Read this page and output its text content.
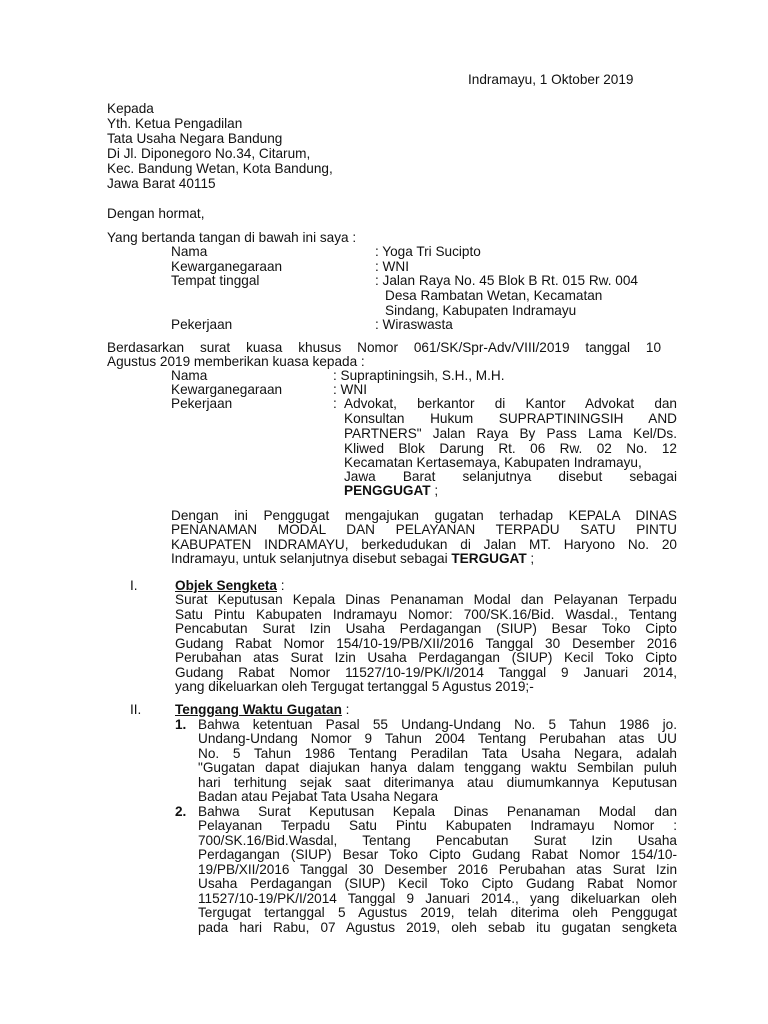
Indramayu, 1 Oktober 2019
Kepada
Yth. Ketua Pengadilan
Tata Usaha Negara Bandung
Di Jl. Diponegoro No.34, Citarum,
Kec. Bandung Wetan, Kota Bandung,
Jawa Barat 40115
Dengan hormat,
Yang bertanda tangan di bawah ini saya :
Nama	: Yoga Tri Sucipto
Kewarganegaraan	: WNI
Tempat tinggal	: Jalan Raya No. 45 Blok B Rt. 015 Rw. 004
Desa Rambatan Wetan, Kecamatan
Sindang, Kabupaten Indramayu
Pekerjaan	: Wiraswasta
Berdasarkan surat kuasa khusus Nomor 061/SK/Spr-Adv/VIII/2019 tanggal 10
Agustus 2019 memberikan kuasa kepada :
Nama	: Supraptiningsih, S.H., M.H.
Kewarganegaraan	: WNI
Pekerjaan	: Advokat, berkantor di Kantor Advokat dan
Konsultan Hukum SUPRAPTININGSIH AND
PARTNERS" Jalan Raya By Pass Lama Kel/Ds.
Kliwed Blok Darung Rt. 06 Rw. 02 No. 12
Kecamatan Kertasemaya, Kabupaten Indramayu,
Jawa Barat selanjutnya disebut sebagai
PENGGUGAT ;
Dengan ini Penggugat mengajukan gugatan terhadap KEPALA DINAS
PENANAMAN MODAL DAN PELAYANAN TERPADU SATU PINTU
KABUPATEN INDRAMAYU, berkedudukan di Jalan MT. Haryono No. 20
Indramayu, untuk selanjutnya disebut sebagai TERGUGAT ;
I.	Objek Sengketa :
Surat Keputusan Kepala Dinas Penanaman Modal dan Pelayanan Terpadu
Satu Pintu Kabupaten Indramayu Nomor: 700/SK.16/Bid. Wasdal., Tentang
Pencabutan Surat Izin Usaha Perdagangan (SIUP) Besar Toko Cipto
Gudang Rabat Nomor 154/10-19/PB/XII/2016 Tanggal 30 Desember 2016
Perubahan atas Surat Izin Usaha Perdagangan (SIUP) Kecil Toko Cipto
Gudang Rabat Nomor 11527/10-19/PK/I/2014 Tanggal 9 Januari 2014,
yang dikeluarkan oleh Tergugat tertanggal 5 Agustus 2019;-
II. Tenggang Waktu Gugatan :
1. Bahwa ketentuan Pasal 55 Undang-Undang No. 5 Tahun 1986 jo.
Undang-Undang Nomor 9 Tahun 2004 Tentang Perubahan atas UU
No. 5 Tahun 1986 Tentang Peradilan Tata Usaha Negara, adalah
"Gugatan dapat diajukan hanya dalam tenggang waktu Sembilan puluh
hari terhitung sejak saat diterimanya atau diumumkannya Keputusan
Badan atau Pejabat Tata Usaha Negara
2. Bahwa Surat Keputusan Kepala Dinas Penanaman Modal dan
Pelayanan Terpadu Satu Pintu Kabupaten Indramayu Nomor :
700/SK.16/Bid.Wasdal, Tentang Pencabutan Surat Izin Usaha
Perdagangan (SIUP) Besar Toko Cipto Gudang Rabat Nomor 154/10-
19/PB/XII/2016 Tanggal 30 Desember 2016 Perubahan atas Surat Izin
Usaha Perdagangan (SIUP) Kecil Toko Cipto Gudang Rabat Nomor
11527/10-19/PK/I/2014 Tanggal 9 Januari 2014., yang dikeluarkan oleh
Tergugat tertanggal 5 Agustus 2019, telah diterima oleh Penggugat
pada hari Rabu, 07 Agustus 2019, oleh sebab itu gugatan sengketa
